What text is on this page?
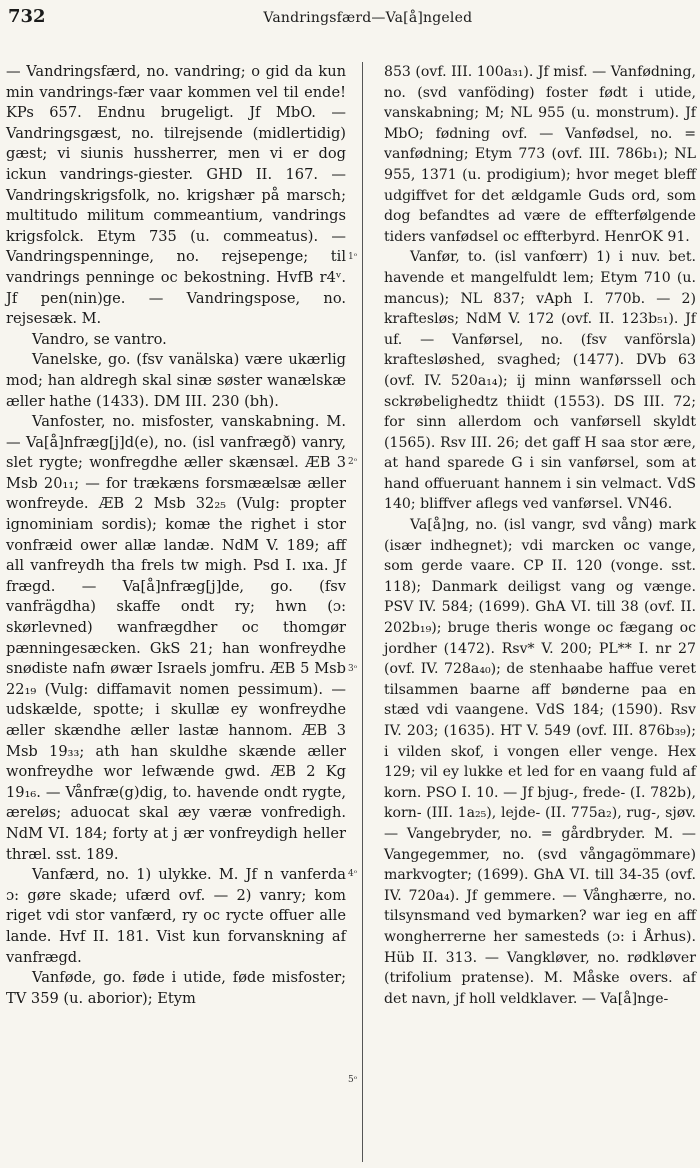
732	Vandringsfærd—Va[å]ngeled

— Vandringsfærd, no. vandring; o gid da kun min vandrings-fær vaar kommen vel til ende! KPs 657. Endnu brugeligt. Jf MbO. — Vandringsgæst, no. tilrejsende (midlertidig) gæst; vi siunis hussherrer, men vi er dog ickun vandrings-giester. GHD II. 167. — Vandringskrigsfolk, no. krigshær på marsch; multitudo militum commeantium, vandrings krigsfolck. Etym 735 (u. commeatus). — Vandringspenninge, no. rejsepenge; til vandrings penninge oc bekostning. HvfB r4ᵛ. Jf pen(nin)ge. — Vandringspose, no. rejsesæk. M.

Vandro, se vantro.

Vanelske, go. (fsv vanälska) være ukærlig mod; han aldregh skal sinæ søster wanælskæ æller hathe (1433). DM III. 230 (bh).

Vanfoster, no. misfoster, vanskabning. M. — Va[å]nfræg[j]d(e), no. (isl vanfrægð) vanry, slet rygte; wonfregdhe æller skænsæl. ÆB 3 Msb 20₁₁; — for trækæns forsmæælsæ æller wonfreyde. ÆB 2 Msb 32₂₅ (Vulg: propter ignominiam sordis); komæ the righet i stor vonfræid ower allæ landæ. NdM V. 189; aff all vanfreydh tha frels tw migh. Psd I. ıxa. Jf frægd. — Va[å]nfræg[j]de, go. (fsv vanfrägdha) skaffe ondt ry; hwn (ɔ: skørlevned) wanfrægdher oc thomgør pænningesæcken. GkS 21; han wonfreydhe snødiste nafn øwær Israels jomfru. ÆB 5 Msb 22₁₉ (Vulg: diffamavit nomen pessimum). — udskælde, spotte; i skullæ ey wonfreydhe æller skændhe æller lastæ hannom. ÆB 3 Msb 19₃₃; ath han skuldhe skænde æller wonfreydhe wor lefwænde gwd. ÆB 2 Kg 19₁₆. — Vånfræ(g)dig, to. havende ondt rygte, æreløs; aduocat skal æy væræ vonfredigh. NdM VI. 184; forty at j ær vonfreydigh heller thræl. sst. 189.

Vanfærd, no. 1) ulykke. M. Jf n vanferda ɔ: gøre skade; ufærd ovf. — 2) vanry; kom riget vdi stor vanfærd, ry oc rycte offuer alle lande. Hvf II. 181. Vist kun forvanskning af vanfrægd.

Vanføde, go. føde i utide, føde misfoster; TV 359 (u. aborior); Etym

1ᵒ
2ᵒ
3ᵒ
4ᵒ
5ᵒ

853 (ovf. III. 100a₃₁). Jf misf. — Vanfødning, no. (svd vanföding) foster født i utide, vanskabning; M; NL 955 (u. monstrum). Jf MbO; fødning ovf. — Vanfødsel, no. = vanfødning; Etym 773 (ovf. III. 786b₁); NL 955, 1371 (u. prodigium); hvor meget bleff udgiffvet for det ældgamle Guds ord, som dog befandtes ad være de effterfølgende tiders vanfødsel oc effterbyrd. HenrOK 91.

Vanfør, to. (isl vanfœrr) 1) i nuv. bet. havende et mangelfuldt lem; Etym 710 (u. mancus); NL 837; vAph I. 770b. — 2) kraftesløs; NdM V. 172 (ovf. II. 123b₅₁). Jf uf. — Vanførsel, no. (fsv vanförsla) kraftesløshed, svaghed; (1477). DVb 63 (ovf. IV. 520a₁₄); ij minn wanførssell och sckrøbelighedtz thiidt (1553). DS III. 72; for sinn allerdom och vanførsell skyldt (1565). Rsv III. 26; det gaff H saa stor ære, at hand sparede G i sin vanførsel, som at hand offueruant hannem i sin velmact. VdS 140; bliffver aflegs ved vanførsel. VN46.

Va[å]ng, no. (isl vangr, svd vång) mark (især indhegnet); vdi marcken oc vange, som gerde vaare. CP II. 120 (vonge. sst. 118); Danmark deiligst vang og vænge. PSV IV. 584; (1699). GhA VI. till 38 (ovf. II. 202b₁₉); bruge theris wonge oc fægang oc jordher (1472). Rsv* V. 200; PL** I. nr 27 (ovf. IV. 728a₄₀); de stenhaabe haffue veret tilsammen baarne aff bønderne paa en stæd vdi vaangene. VdS 184; (1590). Rsv IV. 203; (1635). HT V. 549 (ovf. III. 876b₃₉); i vilden skof, i vongen eller venge. Hex 129; vil ey lukke et led for en vaang fuld af korn. PSO I. 10. — Jf bjug-, frede- (I. 782b), korn- (III. 1a₂₅), lejde- (II. 775a₂), rug-, sjøv. — Vangebryder, no. = gårdbryder. M. — Vangegemmer, no. (svd vångagömmare) markvogter; (1699). GhA VI. till 34-35 (ovf. IV. 720a₄). Jf gemmere. — Vånghærre, no. tilsynsmand ved bymarken? war ieg en aff wongherrerne her samesteds (ɔ: i Århus). Hüb II. 313. — Vangkløver, no. rødkløver (trifolium pratense). M. Måske overs. af det navn, jf holl veldklaver. — Va[å]nge-
